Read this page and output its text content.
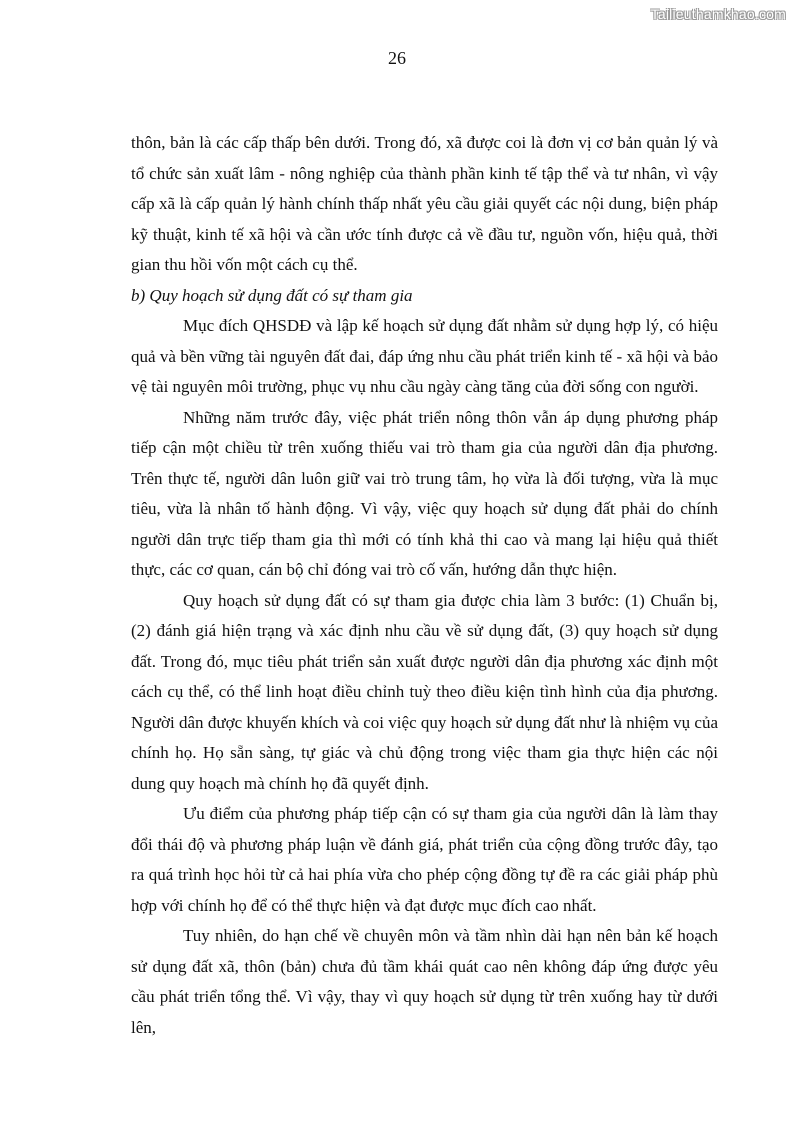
Tailieuthamkhao.com
26

thôn, bản là các cấp thấp bên dưới. Trong đó, xã được coi là đơn vị cơ bản quản lý và tổ chức sản xuất lâm - nông nghiệp của thành phần kinh tế tập thể và tư nhân, vì vậy cấp xã là cấp quản lý hành chính thấp nhất yêu cầu giải quyết các nội dung, biện pháp kỹ thuật, kinh tế xã hội và cần ước tính được cả về đầu tư, nguồn vốn, hiệu quả, thời gian thu hồi vốn một cách cụ thể.

b) Quy hoạch sử dụng đất có sự tham gia

Mục đích QHSDĐ và lập kế hoạch sử dụng đất nhằm sử dụng hợp lý, có hiệu quả và bền vững tài nguyên đất đai, đáp ứng nhu cầu phát triển kinh tế - xã hội và bảo vệ tài nguyên môi trường, phục vụ nhu cầu ngày càng tăng của đời sống con người.

Những năm trước đây, việc phát triển nông thôn vẫn áp dụng phương pháp tiếp cận một chiều từ trên xuống thiếu vai trò tham gia của người dân địa phương. Trên thực tế, người dân luôn giữ vai trò trung tâm, họ vừa là đối tượng, vừa là mục tiêu, vừa là nhân tố hành động. Vì vậy, việc quy hoạch sử dụng đất phải do chính người dân trực tiếp tham gia thì mới có tính khả thi cao và mang lại hiệu quả thiết thực, các cơ quan, cán bộ chỉ đóng vai trò cố vấn, hướng dẫn thực hiện.

Quy hoạch sử dụng đất có sự tham gia được chia làm 3 bước: (1) Chuẩn bị, (2) đánh giá hiện trạng và xác định nhu cầu về sử dụng đất, (3) quy hoạch sử dụng đất. Trong đó, mục tiêu phát triển sản xuất được người dân địa phương xác định một cách cụ thể, có thể linh hoạt điều chỉnh tuỳ theo điều kiện tình hình của địa phương. Người dân được khuyến khích và coi việc quy hoạch sử dụng đất như là nhiệm vụ của chính họ. Họ sẵn sàng, tự giác và chủ động trong việc tham gia thực hiện các nội dung quy hoạch mà chính họ đã quyết định.

Ưu điểm của phương pháp tiếp cận có sự tham gia của người dân là làm thay đổi thái độ và phương pháp luận về đánh giá, phát triển của cộng đồng trước đây, tạo ra quá trình học hỏi từ cả hai phía vừa cho phép cộng đồng tự đề ra các giải pháp phù hợp với chính họ để có thể thực hiện và đạt được mục đích cao nhất.

Tuy nhiên, do hạn chế về chuyên môn và tầm nhìn dài hạn nên bản kế hoạch sử dụng đất xã, thôn (bản) chưa đủ tầm khái quát cao nên không đáp ứng được yêu cầu phát triển tổng thể. Vì vậy, thay vì quy hoạch sử dụng từ trên xuống hay từ dưới lên,
